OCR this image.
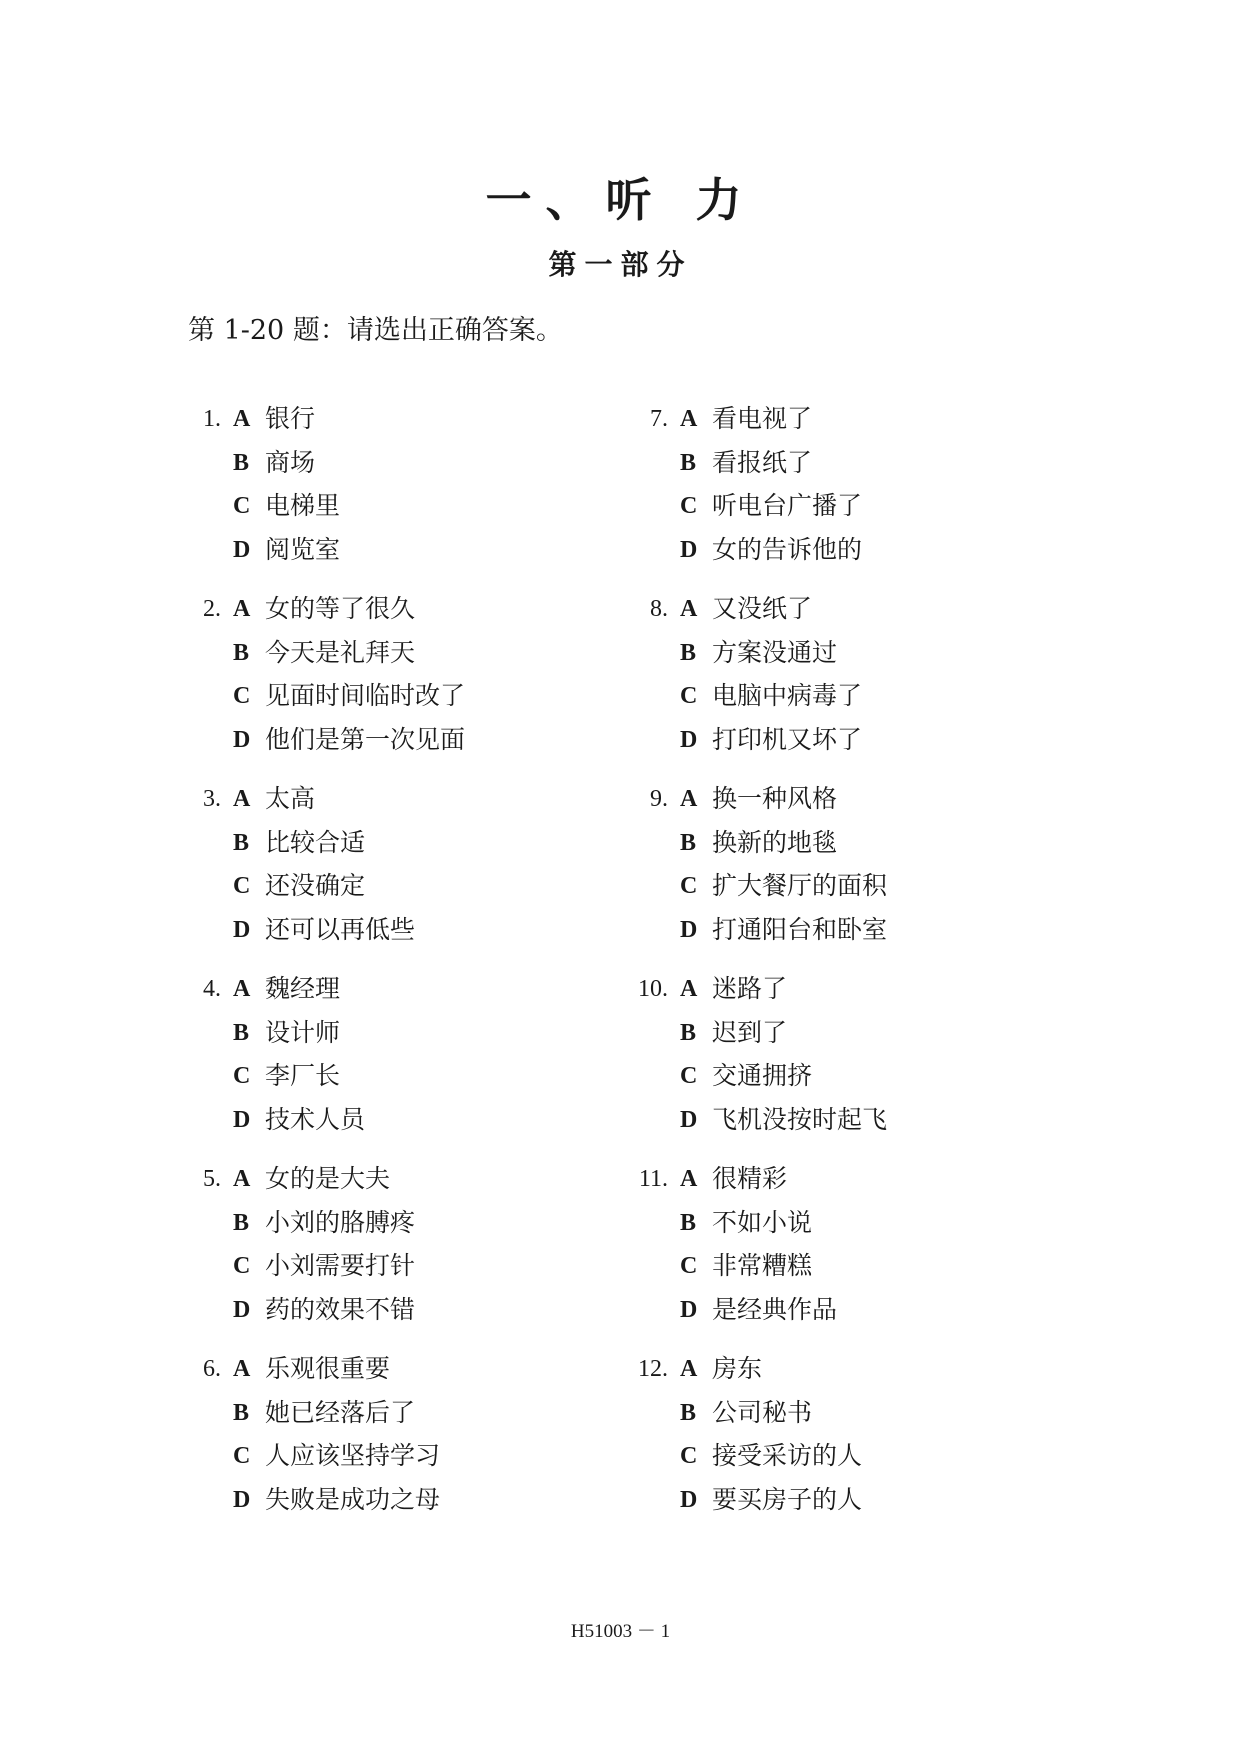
一、听 力
第一部分
第 1-20 题：请选出正确答案。
1. A 银行
B 商场
C 电梯里
D 阅览室
2. A 女的等了很久
B 今天是礼拜天
C 见面时间临时改了
D 他们是第一次见面
3. A 太高
B 比较合适
C 还没确定
D 还可以再低些
4. A 魏经理
B 设计师
C 李厂长
D 技术人员
5. A 女的是大夫
B 小刘的胳膊疼
C 小刘需要打针
D 药的效果不错
6. A 乐观很重要
B 她已经落后了
C 人应该坚持学习
D 失败是成功之母
7. A 看电视了
B 看报纸了
C 听电台广播了
D 女的告诉他的
8. A 又没纸了
B 方案没通过
C 电脑中病毒了
D 打印机又坏了
9. A 换一种风格
B 换新的地毯
C 扩大餐厅的面积
D 打通阳台和卧室
10. A 迷路了
B 迟到了
C 交通拥挤
D 飞机没按时起飞
11. A 很精彩
B 不如小说
C 非常糟糕
D 是经典作品
12. A 房东
B 公司秘书
C 接受采访的人
D 要买房子的人
H51003 － 1
